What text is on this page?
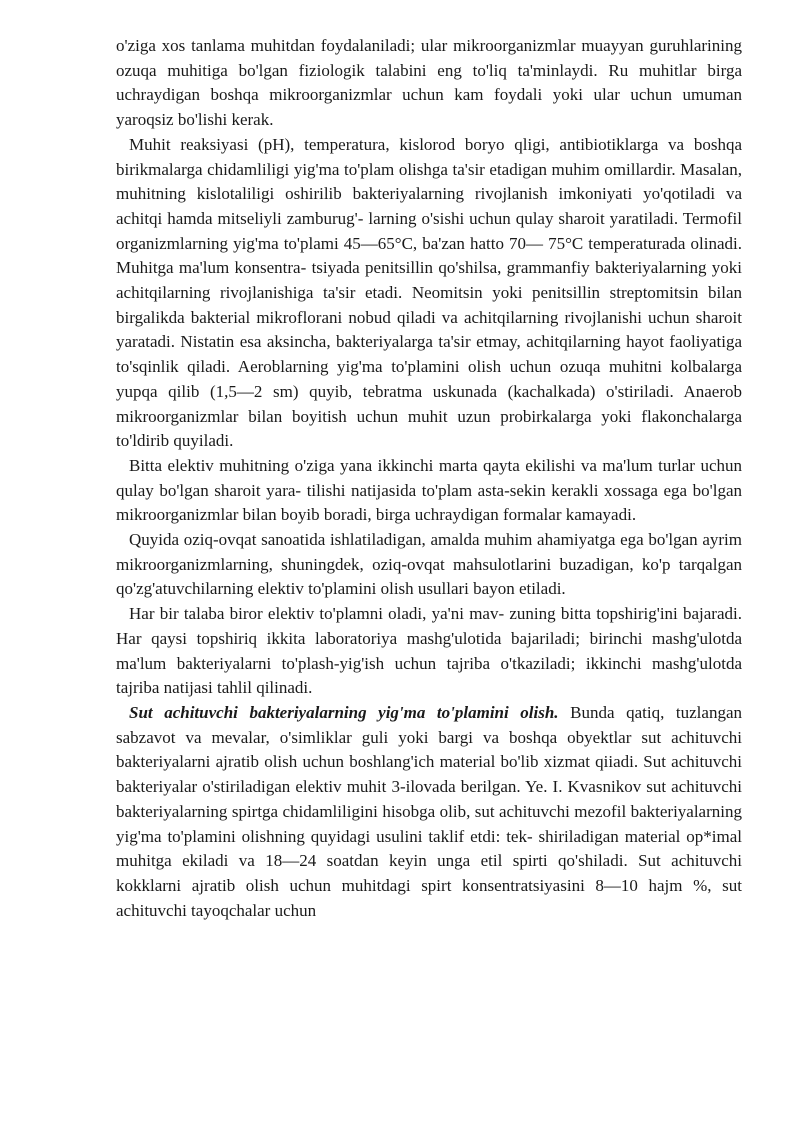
o'ziga xos tanlama muhitdan foydalaniladi; ular mikroorganizmlar muayyan guruhlarining ozuqa muhitiga bo'lgan fiziologik talabini eng to'liq ta'minlaydi. Ru muhitlar birga uchraydigan boshqa mikroorganizmlar uchun kam foydali yoki ular uchun umuman yaroqsiz bo'lishi kerak.

Muhit reaksiyasi (pH), temperatura, kislorod boryo qligi, antibiotiklarga va boshqa birikmalarga chidamliligi yig'ma to'plam olishga ta'sir etadigan muhim omillardir. Masalan, muhitning kislotaliligi oshirilib bakteriyalarning rivojlanish imkoniyati yo'qotiladi va achitqi hamda mitseliyli zamburug'- larning o'sishi uchun qulay sharoit yaratiladi. Termofil organizmlarning yig'ma to'plami 45—65°C, ba'zan hatto 70— 75°C temperaturada olinadi. Muhitga ma'lum konsentra- tsiyada penitsillin qo'shilsa, grammanfiy bakteriyalarning yoki achitqilarning rivojlanishiga ta'sir etadi. Neomitsin yoki penitsillin streptomitsin bilan birgalikda bakterial mikroflorani nobud qiladi va achitqilarning rivojlanishi uchun sharoit yaratadi. Nistatin esa aksincha, bakteriyalarga ta'sir etmay, achitqilarning hayot faoliyatiga to'sqinlik qiladi. Aeroblarning yig'ma to'plamini olish uchun ozuqa muhitni kolbalarga yupqa qilib (1,5—2 sm) quyib, tebratma uskunada (kachalkada) o'stiriladi. Anaerob mikroorganizmlar bilan boyitish uchun muhit uzun probirkalarga yoki flakonchalarga to'ldirib quyiladi.

Bitta elektiv muhitning o'ziga yana ikkinchi marta qayta ekilishi va ma'lum turlar uchun qulay bo'lgan sharoit yara- tilishi natijasida to'plam asta-sekin kerakli xossaga ega bo'lgan mikroorganizmlar bilan boyib boradi, birga uchraydigan formalar kamayadi.

Quyida oziq-ovqat sanoatida ishlatiladigan, amalda muhim ahamiyatga ega bo'lgan ayrim mikroorganizmlarning, shuningdek, oziq-ovqat mahsulotlarini buzadigan, ko'p tarqalgan qo'zg'atuvchilarning elektiv to'plamini olish usullari bayon etiladi.

Har bir talaba biror elektiv to'plamni oladi, ya'ni mav- zuning bitta topshirig'ini bajaradi. Har qaysi topshiriq ikkita laboratoriya mashg'ulotida bajariladi; birinchi mashg'ulotda ma'lum bakteriyalarni to'plash-yig'ish uchun tajriba o'tkaziladi; ikkinchi mashg'ulotda tajriba natijasi tahlil qilinadi.

Sut achituvchi bakteriyalarning yig'ma to'plamini olish. Bunda qatiq, tuzlangan sabzavot va mevalar, o'simliklar guli yoki bargi va boshqa obyektlar sut achituvchi bakteriyalarni ajratib olish uchun boshlang'ich material bo'lib xizmat qiiadi. Sut achituvchi bakteriyalar o'stiriladigan elektiv muhit 3-ilovada berilgan. Ye. I. Kvasnikov sut achituvchi bakteriyalarning spirtga chidamliligini hisobga olib, sut achituvchi mezofil bakteriyalarning yig'ma to'plamini olishning quyidagi usulini taklif etdi: tek- shiriladigan material op*imal muhitga ekiladi va 18—24 soatdan keyin unga etil spirti qo'shiladi. Sut achituvchi kokklarni ajratib olish uchun muhitdagi spirt konsentratsiyasini 8—10 hajm %, sut achituvchi tayoqchalar uchun
